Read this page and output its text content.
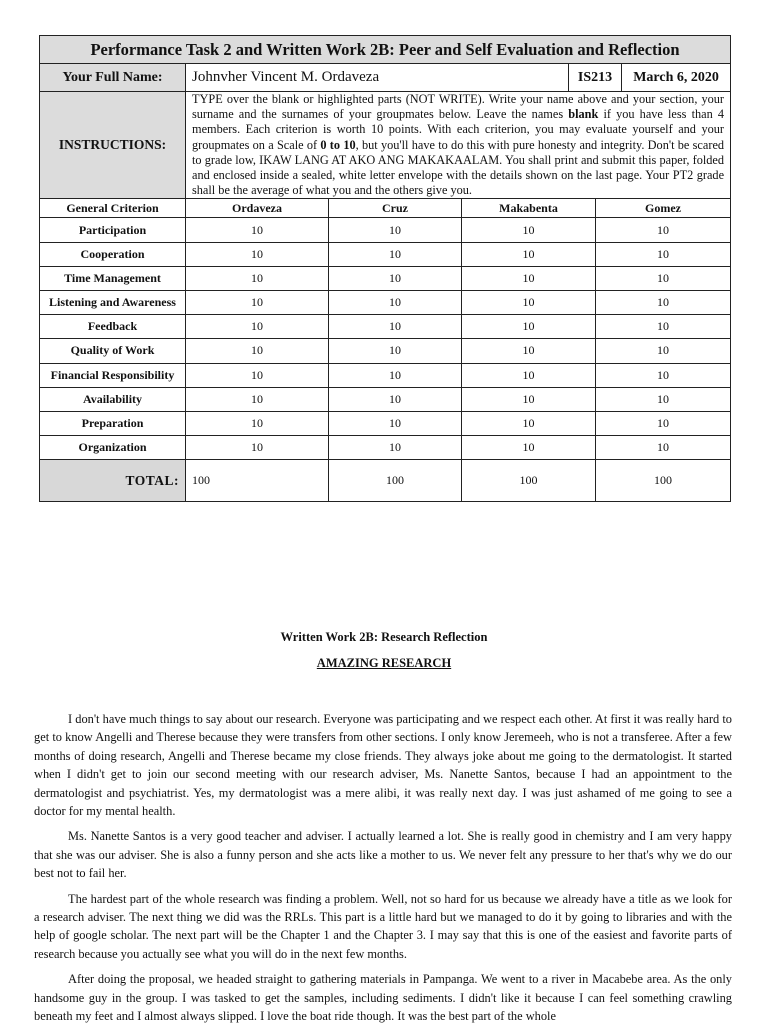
Performance Task 2 and Written Work 2B: Peer and Self Evaluation and Reflection				
Your Full Name:	Johnvher Vincent M. Ordaveza IS213 March 6, 2020			

INSTRUCTIONS:	TYPE over the blank or highlighted parts (NOT WRITE). Write your name above and your section, your surname and the surnames of your groupmates below. Leave the names blank if you have less than 4 members. Each criterion is worth 10 points. With each criterion, you may evaluate yourself and your groupmates on a Scale of 0 to 10, but you'll have to do this with pure honesty and integrity. Don't be scared to grade low, IKAW LANG AT AKO ANG MAKAKAALAM. You shall print and submit this paper, folded and enclosed inside a sealed, white letter envelope with the details shown on the last page. Your PT2 grade shall be the average of what you and the others give you.			
General Criterion	Ordaveza	Cruz	Makabenta	Gomez
Participation	10	10	10	10
Cooperation	10	10	10	10
Time Management	10	10	10	10
Listening and Awareness	10	10	10	10
Feedback	10	10	10	10
Quality of Work	10	10	10	10
Financial Responsibility	10	10	10	10
Availability	10	10	10	10
Preparation	10	10	10	10
Organization	10	10	10	10
TOTAL:	100	100	100	100
Written Work 2B: Research Reflection
AMAZING RESEARCH

I don't have much things to say about our research. Everyone was participating and we respect each other. At first it was really hard to get to know Angelli and Therese because they were transfers from other sections. I only know Jeremeeh, who is not a transferee. After a few months of doing research, Angelli and Therese became my close friends. They always joke about me going to the dermatologist. It started when I didn't get to join our second meeting with our research adviser, Ms. Nanette Santos, because I had an appointment to the dermatologist and psychiatrist. Yes, my dermatologist was a mere alibi, it was really next day. I was just ashamed of me going to see a doctor for my mental health.

Ms. Nanette Santos is a very good teacher and adviser. I actually learned a lot. She is really good in chemistry and I am very happy that she was our adviser. She is also a funny person and she acts like a mother to us. We never felt any pressure to her that's why we do our best not to fail her.

The hardest part of the whole research was finding a problem. Well, not so hard for us because we already have a title as we look for a research adviser. The next thing we did was the RRLs. This part is a little hard but we managed to do it by going to libraries and with the help of google scholar. The next part will be the Chapter 1 and the Chapter 3. I may say that this is one of the easiest and favorite parts of research because you actually see what you will do in the next few months.

After doing the proposal, we headed straight to gathering materials in Pampanga. We went to a river in Macabebe area. As the only handsome guy in the group. I was tasked to get the samples, including sediments. I didn't like it because I can feel something crawling beneath my feet and I almost always slipped. I love the boat ride though. It was the best part of the whole
